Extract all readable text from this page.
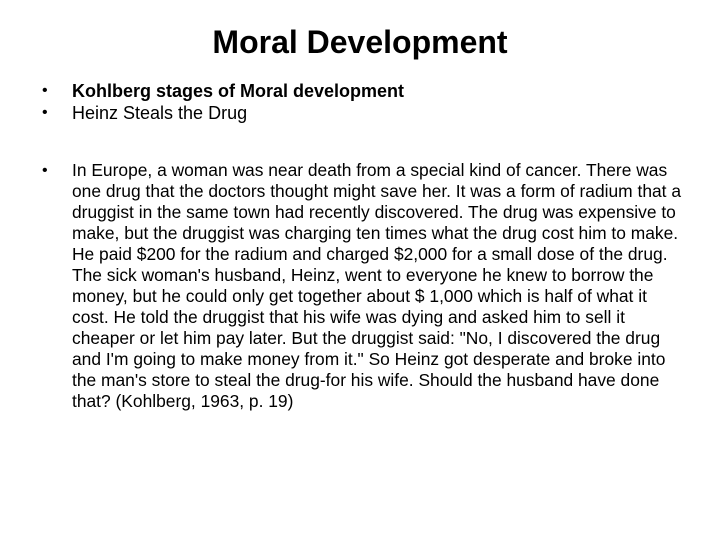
Moral Development
•	Kohlberg stages of Moral development
•	Heinz Steals the Drug
•	In Europe, a woman was near death from a special kind of cancer. There was one drug that the doctors thought might save her. It was a form of radium that a druggist in the same town had recently discovered. The drug was expensive to make, but the druggist was charging ten times what the drug cost him to make. He paid $200 for the radium and charged $2,000 for a small dose of the drug. The sick woman's husband, Heinz, went to everyone he knew to borrow the money, but he could only get together about $ 1,000 which is half of what it cost. He told the druggist that his wife was dying and asked him to sell it cheaper or let him pay later. But the druggist said: "No, I discovered the drug and I'm going to make money from it." So Heinz got desperate and broke into the man's store to steal the drug-for his wife. Should the husband have done that? (Kohlberg, 1963, p. 19)
